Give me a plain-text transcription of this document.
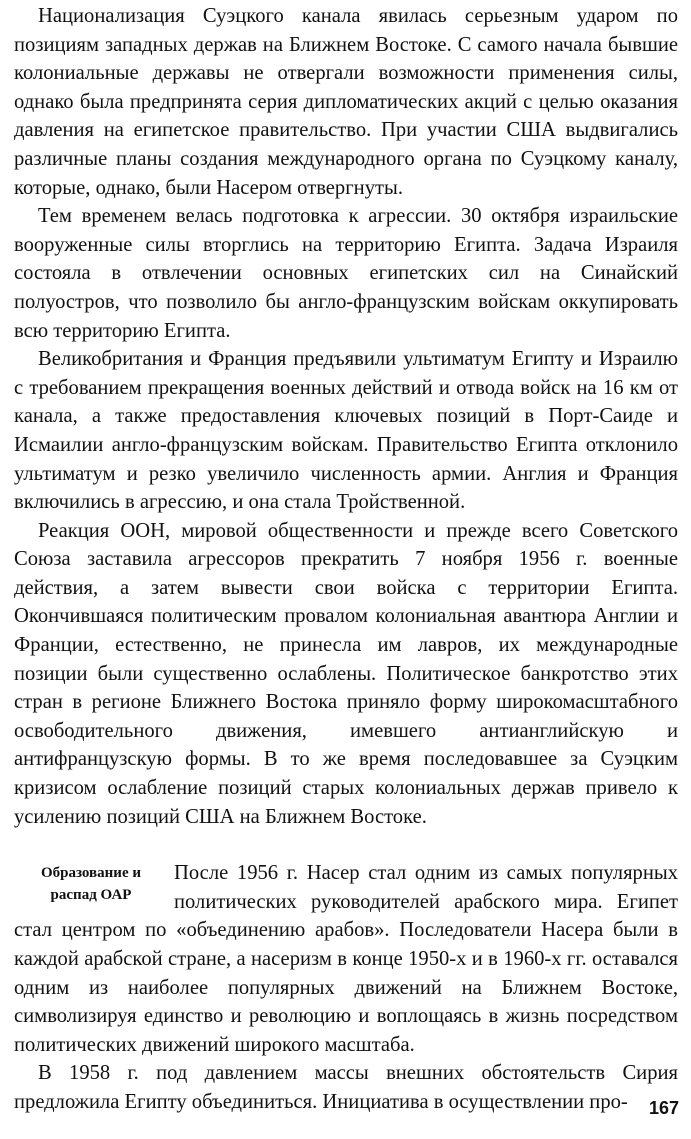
Национализация Суэцкого канала явилась серьезным ударом по позициям западных держав на Ближнем Востоке. С самого начала бывшие колониальные державы не отвергали возможности применения силы, однако была предпринята серия дипломатических акций с целью оказания давления на египетское правительство. При участии США выдвигались различные планы создания международного органа по Суэцкому каналу, которые, однако, были Насером отвергнуты.

Тем временем велась подготовка к агрессии. 30 октября израильские вооруженные силы вторглись на территорию Египта. Задача Израиля состояла в отвлечении основных египетских сил на Синайский полуостров, что позволило бы англо-французским войскам оккупировать всю территорию Египта.

Великобритания и Франция предъявили ультиматум Египту и Израилю с требованием прекращения военных действий и отвода войск на 16 км от канала, а также предоставления ключевых позиций в Порт-Саиде и Исмаилии англо-французским войскам. Правительство Египта отклонило ультиматум и резко увеличило численность армии. Англия и Франция включились в агрессию, и она стала Тройственной.

Реакция ООН, мировой общественности и прежде всего Советского Союза заставила агрессоров прекратить 7 ноября 1956 г. военные действия, а затем вывести свои войска с территории Египта. Окончившаяся политическим провалом колониальная авантюра Англии и Франции, естественно, не принесла им лавров, их международные позиции были существенно ослаблены. Политическое банкротство этих стран в регионе Ближнего Востока приняло форму широкомасштабного освободительного движения, имевшего антианглийскую и антифранцузскую формы. В то же время последовавшее за Суэцким кризисом ослабление позиций старых колониальных держав привело к усилению позиций США на Ближнем Востоке.

Образование и
распад ОАР

После 1956 г. Насер стал одним из самых популярных политических руководителей арабского мира. Египет стал центром по «объединению арабов». Последователи Насера были в каждой арабской стране, а насеризм в конце 1950-х и в 1960-х гг. оставался одним из наиболее популярных движений на Ближнем Востоке, символизируя единство и революцию и воплощаясь в жизнь посредством политических движений широкого масштаба.

В 1958 г. под давлением массы внешних обстоятельств Сирия предложила Египту объединиться. Инициатива в осуществлении про-	167
